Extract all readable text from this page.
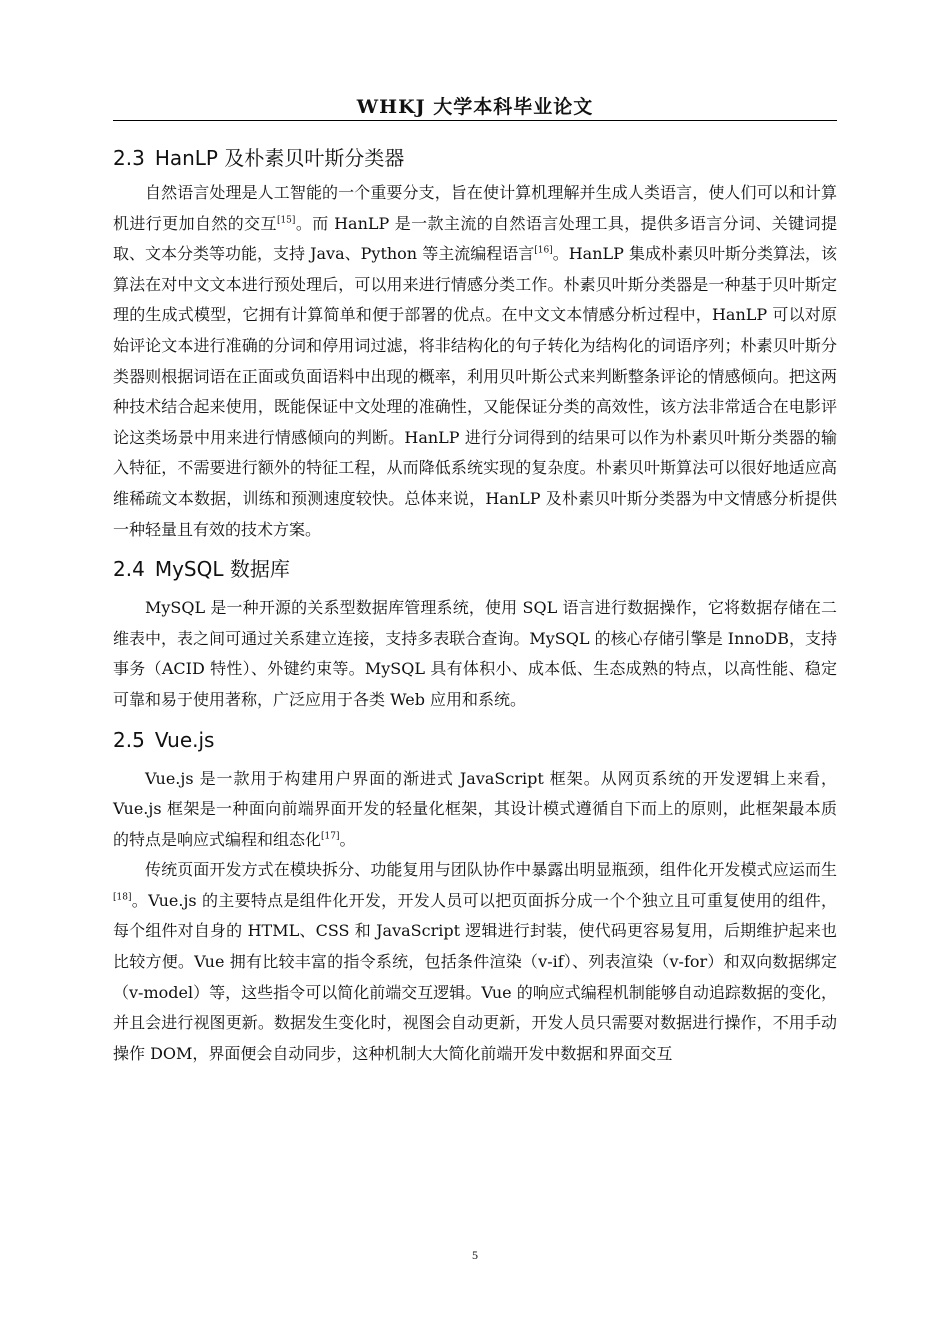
WHKJ 大学本科毕业论文
2.3 HanLP 及朴素贝叶斯分类器

自然语言处理是人工智能的一个重要分支，旨在使计算机理解并生成人类语言，使人们可以和计算机进行更加自然的交互[15]。而 HanLP 是一款主流的自然语言处理工具，提供多语言分词、关键词提取、文本分类等功能，支持 Java、Python 等主流编程语言[16]。HanLP 集成朴素贝叶斯分类算法，该算法在对中文文本进行预处理后，可以用来进行情感分类工作。朴素贝叶斯分类器是一种基于贝叶斯定理的生成式模型，它拥有计算简单和便于部署的优点。在中文文本情感分析过程中，HanLP 可以对原始评论文本进行准确的分词和停用词过滤，将非结构化的句子转化为结构化的词语序列；朴素贝叶斯分类器则根据词语在正面或负面语料中出现的概率，利用贝叶斯公式来判断整条评论的情感倾向。把这两种技术结合起来使用，既能保证中文处理的准确性，又能保证分类的高效性，该方法非常适合在电影评论这类场景中用来进行情感倾向的判断。HanLP 进行分词得到的结果可以作为朴素贝叶斯分类器的输入特征，不需要进行额外的特征工程，从而降低系统实现的复杂度。朴素贝叶斯算法可以很好地适应高维稀疏文本数据，训练和预测速度较快。总体来说，HanLP 及朴素贝叶斯分类器为中文情感分析提供一种轻量且有效的技术方案。

2.4 MySQL 数据库

MySQL 是一种开源的关系型数据库管理系统，使用 SQL 语言进行数据操作，它将数据存储在二维表中，表之间可通过关系建立连接，支持多表联合查询。MySQL 的核心存储引擎是 InnoDB，支持事务（ACID 特性）、外键约束等。MySQL 具有体积小、成本低、生态成熟的特点，以高性能、稳定可靠和易于使用著称，广泛应用于各类 Web 应用和系统。

2.5 Vue.js

Vue.js 是一款用于构建用户界面的渐进式 JavaScript 框架。从网页系统的开发逻辑上来看，Vue.js 框架是一种面向前端界面开发的轻量化框架，其设计模式遵循自下而上的原则，此框架最本质的特点是响应式编程和组态化[17]。

传统页面开发方式在模块拆分、功能复用与团队协作中暴露出明显瓶颈，组件化开发模式应运而生[18]。Vue.js 的主要特点是组件化开发，开发人员可以把页面拆分成一个个独立且可重复使用的组件，每个组件对自身的 HTML、CSS 和 JavaScript 逻辑进行封装，使代码更容易复用，后期维护起来也比较方便。Vue 拥有比较丰富的指令系统，包括条件渲染（v-if）、列表渲染（v-for）和双向数据绑定（v-model）等，这些指令可以简化前端交互逻辑。Vue 的响应式编程机制能够自动追踪数据的变化，并且会进行视图更新。数据发生变化时，视图会自动更新，开发人员只需要对数据进行操作，不用手动操作 DOM，界面便会自动同步，这种机制大大简化前端开发中数据和界面交互

5
